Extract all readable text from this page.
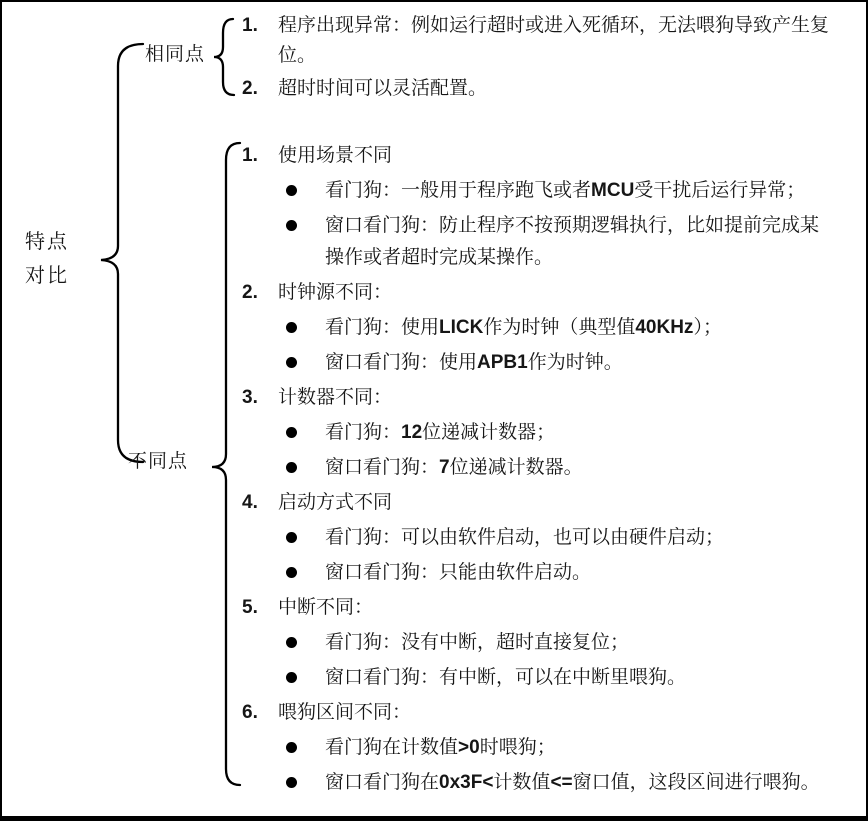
特点
对比
相同点
不同点
1.	程序出现异常：例如运行超时或进入死循环，无法喂狗导致产生复位。
2.	超时时间可以灵活配置。
1.	使用场景不同
看门狗：一般用于程序跑飞或者MCU受干扰后运行异常；
窗口看门狗：防止程序不按预期逻辑执行，比如提前完成某操作或者超时完成某操作。
2.	时钟源不同：
看门狗：使用LICK作为时钟（典型值40KHz）；
窗口看门狗：使用APB1作为时钟。
3.	计数器不同：
看门狗：12位递减计数器；
窗口看门狗：7位递减计数器。
4.	启动方式不同
看门狗：可以由软件启动，也可以由硬件启动；
窗口看门狗：只能由软件启动。
5.	中断不同：
看门狗：没有中断，超时直接复位；
窗口看门狗：有中断，可以在中断里喂狗。
6.	喂狗区间不同：
看门狗在计数值>0时喂狗；
窗口看门狗在0x3F<计数值<=窗口值，这段区间进行喂狗。
